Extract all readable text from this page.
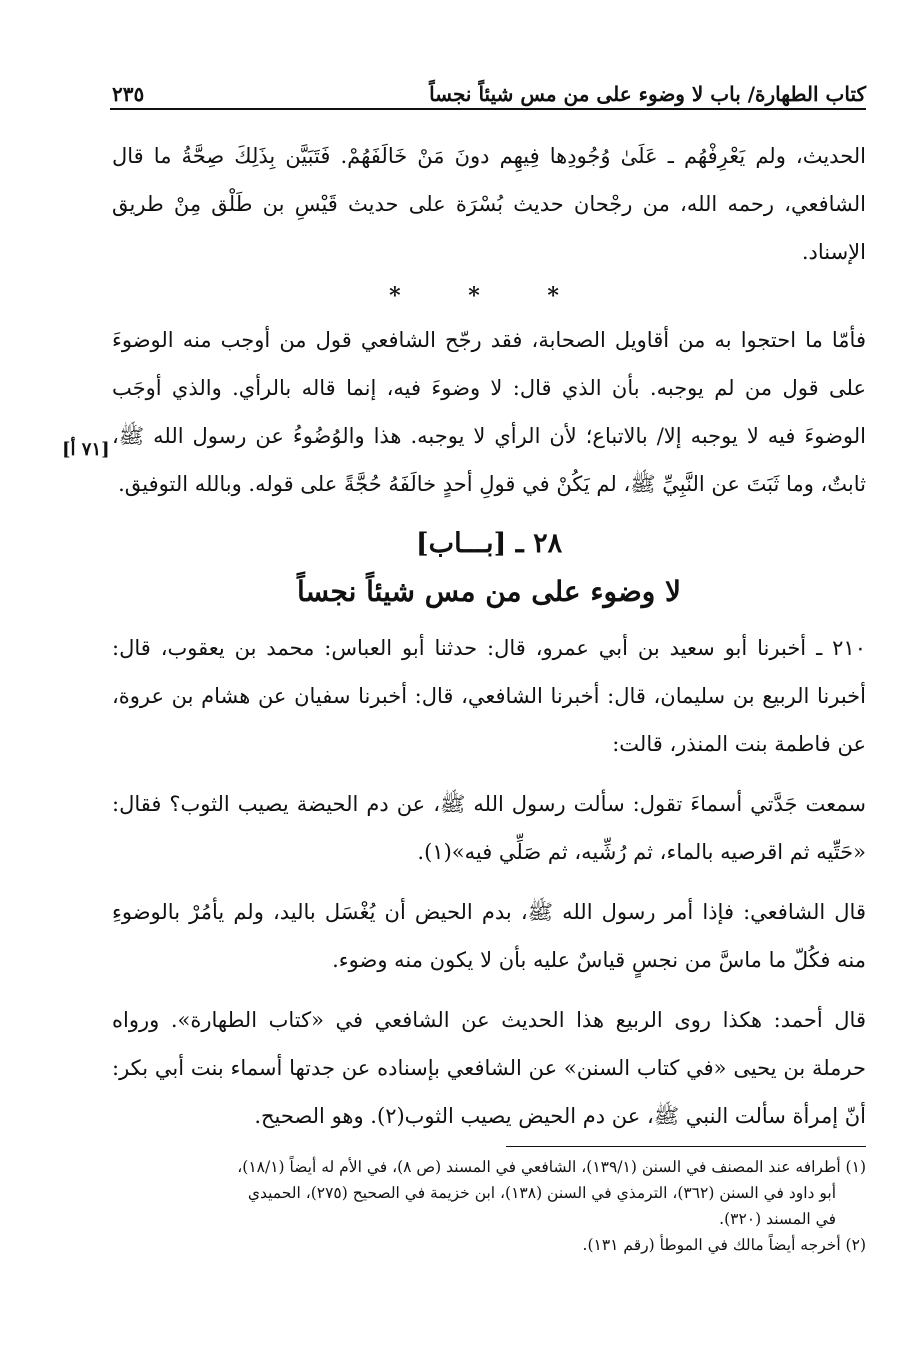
كتاب الطهارة/ باب لا وضوء على من مس شيئاً نجساً
٢٣٥
[٧١ أ]

الحديث، ولم يَعْرِفْهُم ـ عَلَىٰ وُجُودِها فِيهِم دونَ مَنْ خَالَفَهُمْ. فَتَبَيَّن بِذَلِكَ صِحَّةُ ما قال الشافعي، رحمه الله، من رجْحان حديث بُسْرَة على حديث قَيْسِ بن طَلْق مِنْ طريق الإسناد.

* * *

فأمّا ما احتجوا به من أقاويل الصحابة، فقد رجّح الشافعي قول من أوجب منه الوضوءَ على قول من لم يوجبه. بأن الذي قال: لا وضوءَ فيه، إنما قاله بالرأي. والذي أوجَب الوضوءَ فيه لا يوجبه إلا/ بالاتباع؛ لأن الرأي لا يوجبه. هذا والوُضُوءُ عن رسول الله ﷺ، ثابتٌ، وما ثَبَتَ عن النَّبِيِّ ﷺ، لم يَكُنْ في قولِ أحدٍ خالَفَهُ حُجَّةً على قوله. وبالله التوفيق.

٢٨ ـ [بـــاب]
لا وضوء على من مس شيئاً نجساً

٢١٠ ـ أخبرنا أبو سعيد بن أبي عمرو، قال: حدثنا أبو العباس: محمد بن يعقوب، قال: أخبرنا الربيع بن سليمان، قال: أخبرنا الشافعي، قال: أخبرنا سفيان عن هشام بن عروة، عن فاطمة بنت المنذر، قالت:

سمعت جَدَّتي أسماءَ تقول: سألت رسول الله ﷺ، عن دم الحيضة يصيب الثوب؟ فقال: «حَتِّيه ثم اقرصيه بالماء، ثم رُشِّيه، ثم صَلِّي فيه»(١).

قال الشافعي: فإذا أمر رسول الله ﷺ، بدم الحيض أن يُغْسَل باليد، ولم يأمُرْ بالوضوءِ منه فكُلّ ما ماسَّ من نجسٍ قياسٌ عليه بأن لا يكون منه وضوء.

قال أحمد: هكذا روى الربيع هذا الحديث عن الشافعي في «كتاب الطهارة». ورواه حرملة بن يحيى «في كتاب السنن» عن الشافعي بإسناده عن جدتها أسماء بنت أبي بكر: أنّ إمرأة سألت النبي ﷺ، عن دم الحيض يصيب الثوب(٢). وهو الصحيح.

(١) أطرافه عند المصنف في السنن (١٣٩/١)، الشافعي في المسند (ص ٨)، في الأم له أيضاً (١٨/١)،

أبو داود في السنن (٣٦٢)، الترمذي في السنن (١٣٨)، ابن خزيمة في الصحيح (٢٧٥)، الحميدي

في المسند (٣٢٠).

(٢) أخرجه أيضاً مالك في الموطأ (رقم ١٣١).
